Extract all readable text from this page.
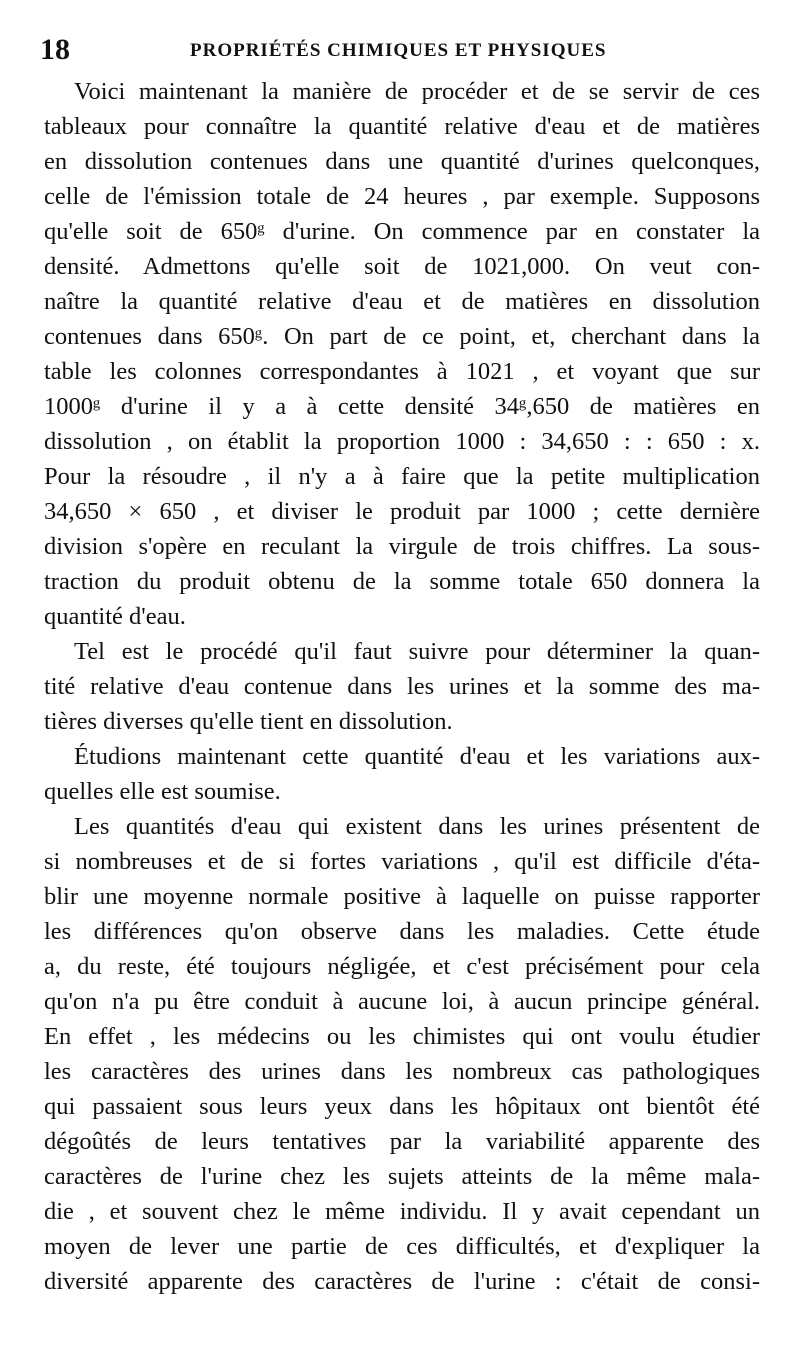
18	PROPRIÉTÉS CHIMIQUES ET PHYSIQUES
Voici maintenant la manière de procéder et de se servir de ces
tableaux pour connaître la quantité relative d'eau et de matières
en dissolution contenues dans une quantité d'urines quelconques,
celle de l'émission totale de 24 heures , par exemple. Supposons
qu'elle soit de 650ᵍ d'urine. On commence par en constater la
densité. Admettons qu'elle soit de 1021,000. On veut con-
naître la quantité relative d'eau et de matières en dissolution
contenues dans 650ᵍ. On part de ce point, et, cherchant dans la
table les colonnes correspondantes à 1021 , et voyant que sur
1000ᵍ d'urine il y a à cette densité 34ᵍ,650 de matières en
dissolution , on établit la proportion 1000 : 34,650 : : 650 : x.
Pour la résoudre , il n'y a à faire que la petite multiplication
34,650 × 650 , et diviser le produit par 1000 ; cette dernière
division s'opère en reculant la virgule de trois chiffres. La sous-
traction du produit obtenu de la somme totale 650 donnera la
quantité d'eau.
Tel est le procédé qu'il faut suivre pour déterminer la quan-
tité relative d'eau contenue dans les urines et la somme des ma-
tières diverses qu'elle tient en dissolution.
Étudions maintenant cette quantité d'eau et les variations aux-
quelles elle est soumise.
Les quantités d'eau qui existent dans les urines présentent de
si nombreuses et de si fortes variations , qu'il est difficile d'éta-
blir une moyenne normale positive à laquelle on puisse rapporter
les différences qu'on observe dans les maladies. Cette étude
a, du reste, été toujours négligée, et c'est précisément pour cela
qu'on n'a pu être conduit à aucune loi, à aucun principe général.
En effet , les médecins ou les chimistes qui ont voulu étudier
les caractères des urines dans les nombreux cas pathologiques
qui passaient sous leurs yeux dans les hôpitaux ont bientôt été
dégoûtés de leurs tentatives par la variabilité apparente des
caractères de l'urine chez les sujets atteints de la même mala-
die , et souvent chez le même individu. Il y avait cependant un
moyen de lever une partie de ces difficultés, et d'expliquer la
diversité apparente des caractères de l'urine : c'était de consi-
